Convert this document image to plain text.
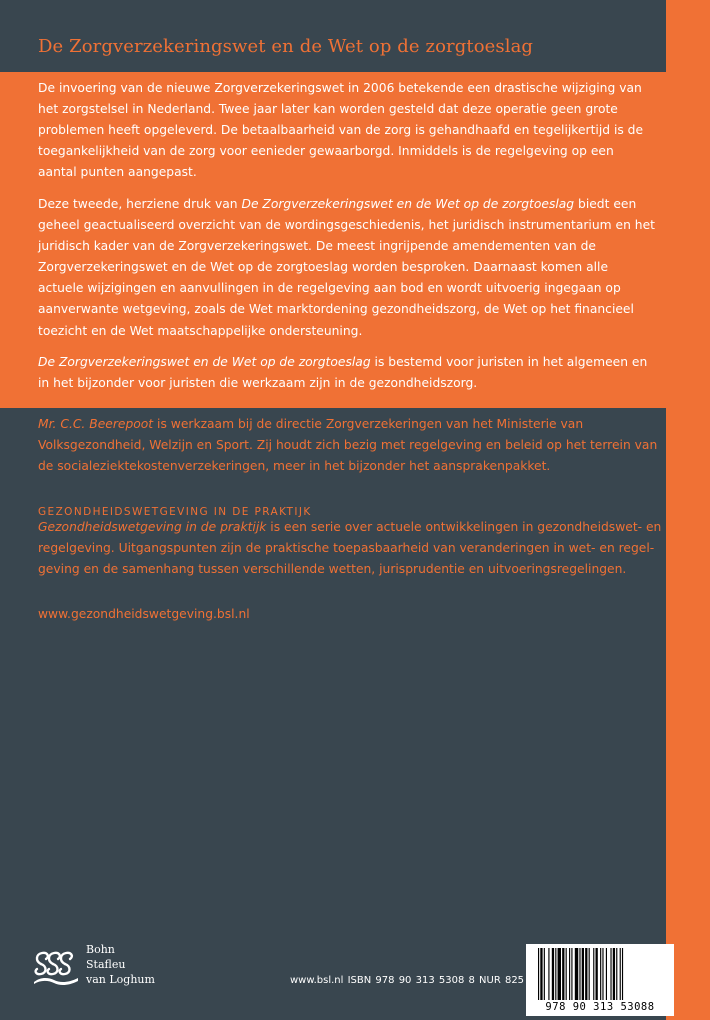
De Zorgverzekeringswet en de Wet op de zorgtoeslag

De invoering van de nieuwe Zorgverzekeringswet in 2006 betekende een drastische wijziging van het zorgstelsel in Nederland. Twee jaar later kan worden gesteld dat deze operatie geen grote problemen heeft opgeleverd. De betaalbaarheid van de zorg is gehandhaafd en tegelijkertijd is de toegankelijkheid van de zorg voor eenieder gewaarborgd. Inmiddels is de regelgeving op een aantal punten aangepast.

Deze tweede, herziene druk van De Zorgverzekeringswet en de Wet op de zorgtoeslag biedt een geheel geactualiseerd overzicht van de wordingsgeschiedenis, het juridisch instrumentarium en het juridisch kader van de Zorgverzekeringswet. De meest ingrijpende amendementen van de Zorgverzekeringswet en de Wet op de zorgtoeslag worden besproken. Daarnaast komen alle actuele wijzigingen en aanvullingen in de regelgeving aan bod en wordt uitvoerig ingegaan op aanverwante wetgeving, zoals de Wet marktordening gezondheidszorg, de Wet op het financieel toezicht en de Wet maatschappelijke ondersteuning.

De Zorgverzekeringswet en de Wet op de zorgtoeslag is bestemd voor juristen in het algemeen en in het bijzonder voor juristen die werkzaam zijn in de gezondheidszorg.

Mr. C.C. Beerepoot is werkzaam bij de directie Zorgverzekeringen van het Ministerie van Volksgezondheid, Welzijn en Sport. Zij houdt zich bezig met regelgeving en beleid op het terrein van de socialeziektekostenverzekeringen, meer in het bijzonder het aansprakenpakket.

GEZONDHEIDSWETGEVING IN DE PRAKTIJK

Gezondheidswetgeving in de praktijk is een serie over actuele ontwikkelingen in gezondheidswet- en regelgeving. Uitgangspunten zijn de praktische toepasbaarheid van veranderingen in wet- en regelgeving en de samenhang tussen verschillende wetten, jurisprudentie en uitvoeringsregelingen.

www.gezondheidswetgeving.bsl.nl

Bohn
Stafleu
van Loghum	www.bsl.nl ISBN 978 90 313 5308 8 NUR 825
978 90 313 53088
